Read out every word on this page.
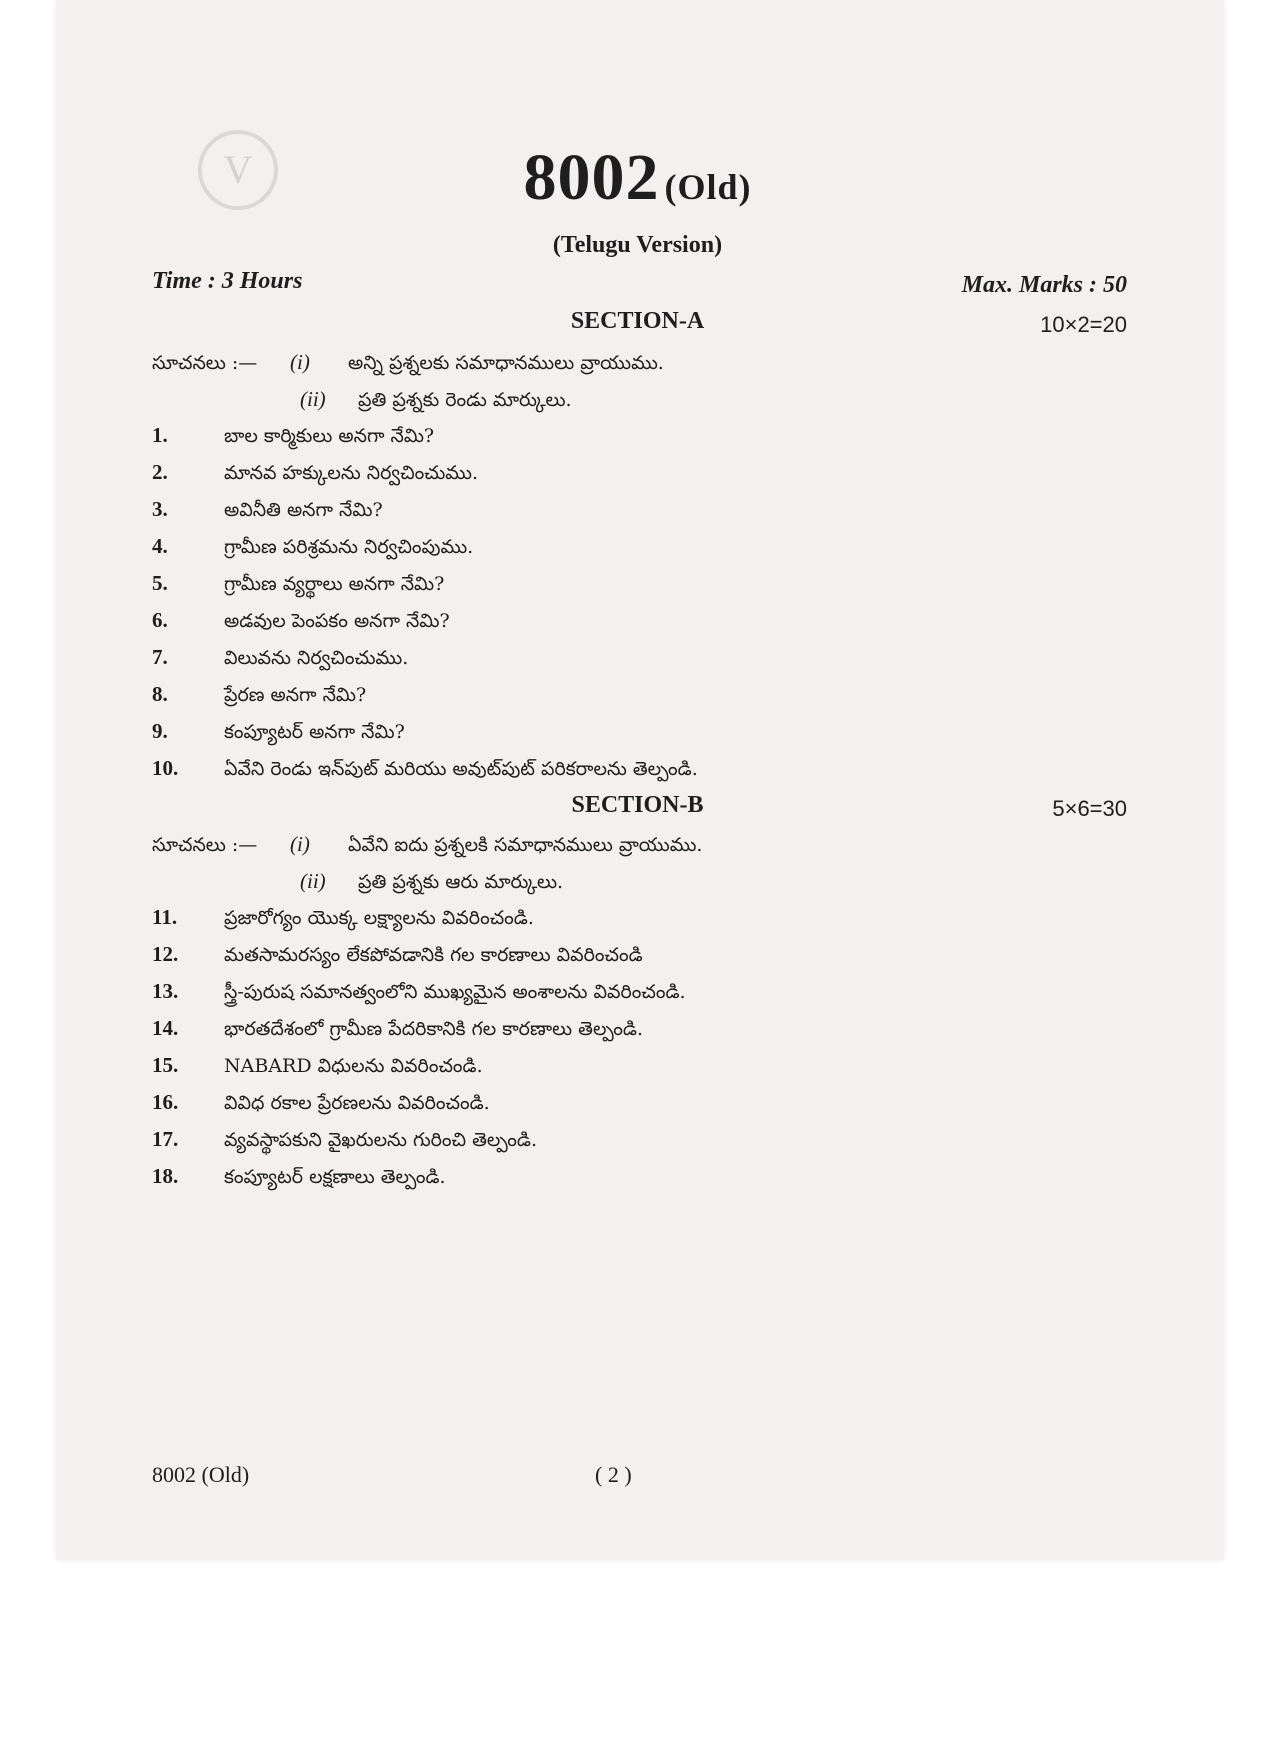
V	8002 (Old)
(Telugu Version)
Time : 3 Hours	Max. Marks : 50
SECTION-A	10×2=20
సూచనలు :— (i) అన్ని ప్రశ్నలకు సమాధానములు వ్రాయుము.
(ii) ప్రతి ప్రశ్నకు రెండు మార్కులు.
1.	బాల కార్మికులు అనగా నేమి?
2.	మానవ హక్కులను నిర్వచించుము.
3.	అవినీతి అనగా నేమి?
4.	గ్రామీణ పరిశ్రమను నిర్వచింపుము.
5.	గ్రామీణ వ్యర్థాలు అనగా నేమి?
6.	అడవుల పెంపకం అనగా నేమి?
7.	విలువను నిర్వచించుము.
8.	ప్రేరణ అనగా నేమి?
9.	కంప్యూటర్ అనగా నేమి?
10. ఏవేని రెండు ఇన్‌పుట్ మరియు అవుట్‌పుట్ పరికరాలను తెల్పండి.
SECTION-B	5×6=30
సూచనలు :— (i) ఏవేని ఐదు ప్రశ్నలకి సమాధానములు వ్రాయుము.
(ii) ప్రతి ప్రశ్నకు ఆరు మార్కులు.
11. ప్రజారోగ్యం యొక్క లక్ష్యాలను వివరించండి.
12. మతసామరస్యం లేకపోవడానికి గల కారణాలు వివరించండి
13. స్త్రీ-పురుష సమానత్వంలోని ముఖ్యమైన అంశాలను వివరించండి.
14. భారతదేశంలో గ్రామీణ పేదరికానికి గల కారణాలు తెల్పండి.
15. NABARD విధులను వివరించండి.
16. వివిధ రకాల ప్రేరణలను వివరించండి.
17. వ్యవస్థాపకుని వైఖరులను గురించి తెల్పండి.
18. కంప్యూటర్ లక్షణాలు తెల్పండి.
8002 (Old)	( 2 )
